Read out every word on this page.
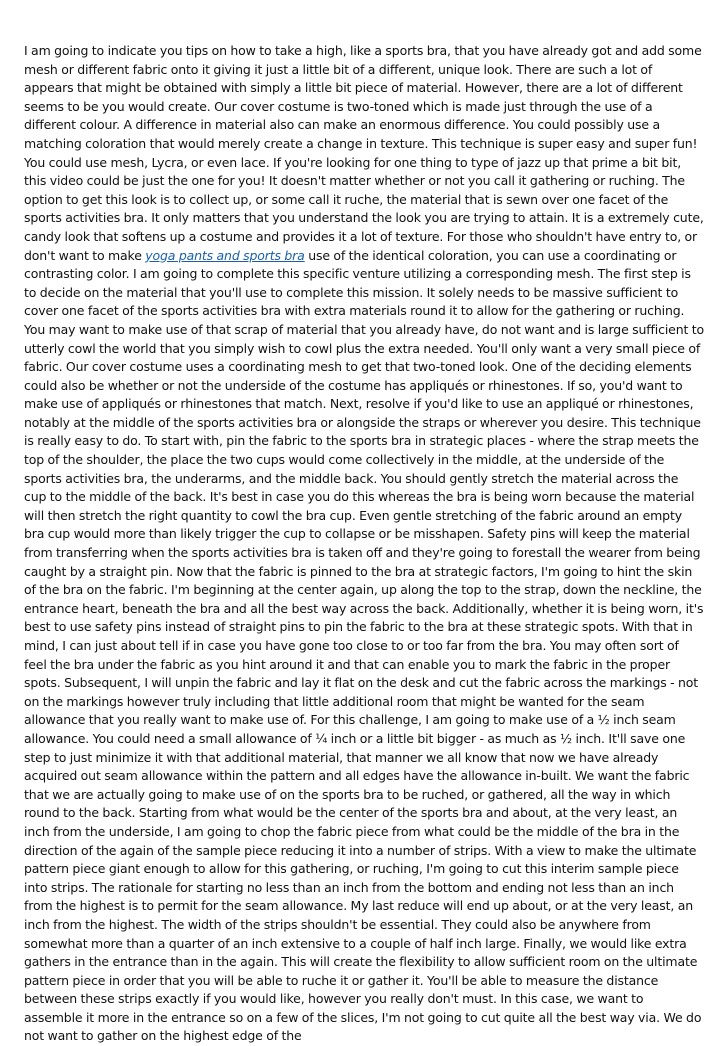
I am going to indicate you tips on how to take a high, like a sports bra, that you have already got and add some mesh or different fabric onto it giving it just a little bit of a different, unique look. There are such a lot of appears that might be obtained with simply a little bit piece of material. However, there are a lot of different seems to be you would create. Our cover costume is two-toned which is made just through the use of a different colour. A difference in material also can make an enormous difference. You could possibly use a matching coloration that would merely create a change in texture. This technique is super easy and super fun! You could use mesh, Lycra, or even lace. If you're looking for one thing to type of jazz up that prime a bit bit, this video could be just the one for you! It doesn't matter whether or not you call it gathering or ruching. The option to get this look is to collect up, or some call it ruche, the material that is sewn over one facet of the sports activities bra. It only matters that you understand the look you are trying to attain. It is a extremely cute, candy look that softens up a costume and provides it a lot of texture. For those who shouldn't have entry to, or don't want to make yoga pants and sports bra use of the identical coloration, you can use a coordinating or contrasting color. I am going to complete this specific venture utilizing a corresponding mesh. The first step is to decide on the material that you'll use to complete this mission. It solely needs to be massive sufficient to cover one facet of the sports activities bra with extra materials round it to allow for the gathering or ruching. You may want to make use of that scrap of material that you already have, do not want and is large sufficient to utterly cowl the world that you simply wish to cowl plus the extra needed. You'll only want a very small piece of fabric. Our cover costume uses a coordinating mesh to get that two-toned look. One of the deciding elements could also be whether or not the underside of the costume has appliqués or rhinestones. If so, you'd want to make use of appliqués or rhinestones that match. Next, resolve if you'd like to use an appliqué or rhinestones, notably at the middle of the sports activities bra or alongside the straps or wherever you desire. This technique is really easy to do. To start with, pin the fabric to the sports bra in strategic places - where the strap meets the top of the shoulder, the place the two cups would come collectively in the middle, at the underside of the sports activities bra, the underarms, and the middle back. You should gently stretch the material across the cup to the middle of the back. It's best in case you do this whereas the bra is being worn because the material will then stretch the right quantity to cowl the bra cup. Even gentle stretching of the fabric around an empty bra cup would more than likely trigger the cup to collapse or be misshapen. Safety pins will keep the material from transferring when the sports activities bra is taken off and they're going to forestall the wearer from being caught by a straight pin. Now that the fabric is pinned to the bra at strategic factors, I'm going to hint the skin of the bra on the fabric. I'm beginning at the center again, up along the top to the strap, down the neckline, the entrance heart, beneath the bra and all the best way across the back. Additionally, whether it is being worn, it's best to use safety pins instead of straight pins to pin the fabric to the bra at these strategic spots. With that in mind, I can just about tell if in case you have gone too close to or too far from the bra. You may often sort of feel the bra under the fabric as you hint around it and that can enable you to mark the fabric in the proper spots. Subsequent, I will unpin the fabric and lay it flat on the desk and cut the fabric across the markings - not on the markings however truly including that little additional room that might be wanted for the seam allowance that you really want to make use of. For this challenge, I am going to make use of a ½ inch seam allowance. You could need a small allowance of ¼ inch or a little bit bigger - as much as ½ inch. It'll save one step to just minimize it with that additional material, that manner we all know that now we have already acquired out seam allowance within the pattern and all edges have the allowance in-built. We want the fabric that we are actually going to make use of on the sports bra to be ruched, or gathered, all the way in which round to the back. Starting from what would be the center of the sports bra and about, at the very least, an inch from the underside, I am going to chop the fabric piece from what could be the middle of the bra in the direction of the again of the sample piece reducing it into a number of strips. With a view to make the ultimate pattern piece giant enough to allow for this gathering, or ruching, I'm going to cut this interim sample piece into strips. The rationale for starting no less than an inch from the bottom and ending not less than an inch from the highest is to permit for the seam allowance. My last reduce will end up about, or at the very least, an inch from the highest. The width of the strips shouldn't be essential. They could also be anywhere from somewhat more than a quarter of an inch extensive to a couple of half inch large. Finally, we would like extra gathers in the entrance than in the again. This will create the flexibility to allow sufficient room on the ultimate pattern piece in order that you will be able to ruche it or gather it. You'll be able to measure the distance between these strips exactly if you would like, however you really don't must. In this case, we want to assemble it more in the entrance so on a few of the slices, I'm not going to cut quite all the best way via. We do not want to gather on the highest edge of the
